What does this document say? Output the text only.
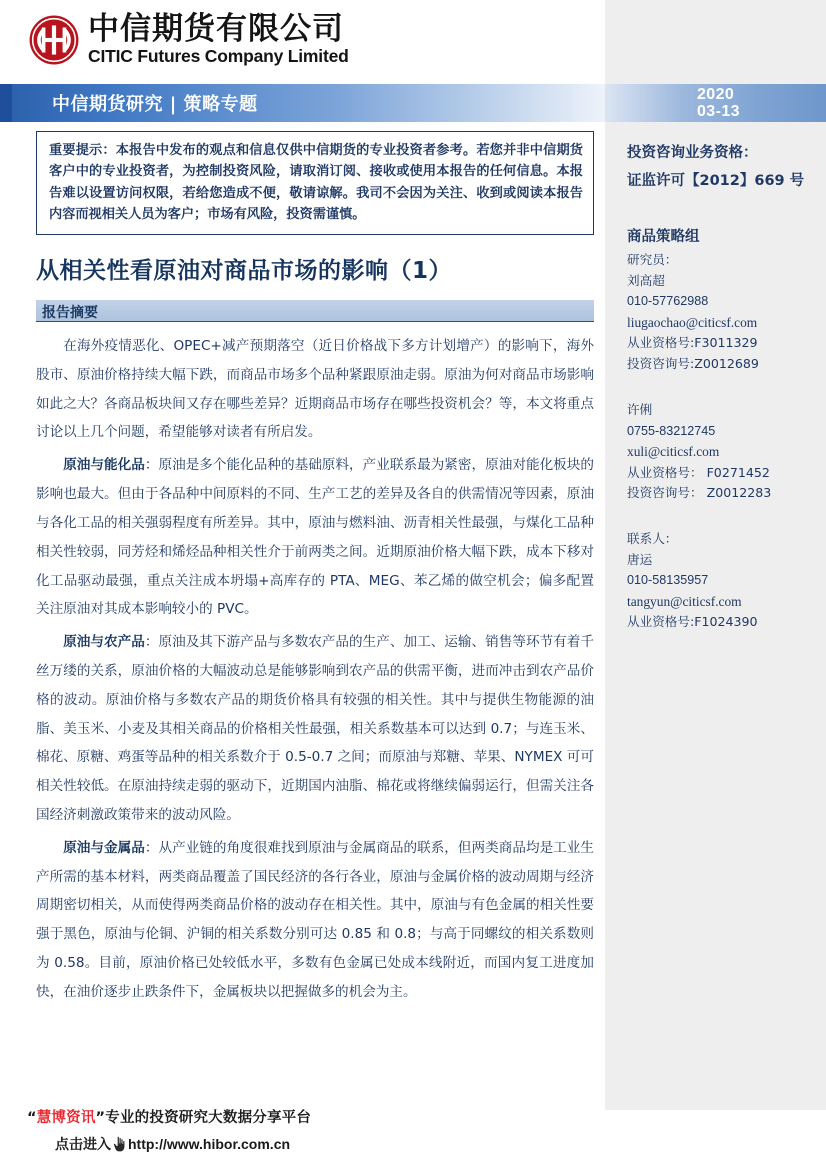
中信期货有限公司
CITIC Futures Company Limited
中信期货研究 | 策略专题	2020
03-13

重要提示：本报告中发布的观点和信息仅供中信期货的专业投资者参考。若您并非中信期货客户中的专业投资者，为控制投资风险，请取消订阅、接收或使用本报告的任何信息。本报告难以设置访问权限，若给您造成不便，敬请谅解。我司不会因为关注、收到或阅读本报告内容而视相关人员为客户；市场有风险，投资需谨慎。

从相关性看原油对商品市场的影响（1）
报告摘要

在海外疫情恶化、OPEC+减产预期落空（近日价格战下多方计划增产）的影响下，海外股市、原油价格持续大幅下跌，而商品市场多个品种紧跟原油走弱。原油为何对商品市场影响如此之大？各商品板块间又存在哪些差异？近期商品市场存在哪些投资机会？等，本文将重点讨论以上几个问题，希望能够对读者有所启发。

原油与能化品：原油是多个能化品种的基础原料，产业联系最为紧密，原油对能化板块的影响也最大。但由于各品种中间原料的不同、生产工艺的差异及各自的供需情况等因素，原油与各化工品的相关强弱程度有所差异。其中，原油与燃料油、沥青相关性最强，与煤化工品种相关性较弱，同芳烃和烯烃品种相关性介于前两类之间。近期原油价格大幅下跌，成本下移对化工品驱动最强，重点关注成本坍塌+高库存的 PTA、MEG、苯乙烯的做空机会；偏多配置关注原油对其成本影响较小的 PVC。

原油与农产品：原油及其下游产品与多数农产品的生产、加工、运输、销售等环节有着千丝万缕的关系，原油价格的大幅波动总是能够影响到农产品的供需平衡，进而冲击到农产品价格的波动。原油价格与多数农产品的期货价格具有较强的相关性。其中与提供生物能源的油脂、美玉米、小麦及其相关商品的价格相关性最强，相关系数基本可以达到 0.7；与连玉米、棉花、原糖、鸡蛋等品种的相关系数介于 0.5-0.7 之间；而原油与郑糖、苹果、NYMEX 可可相关性较低。在原油持续走弱的驱动下，近期国内油脂、棉花或将继续偏弱运行，但需关注各国经济刺激政策带来的波动风险。

原油与金属品：从产业链的角度很难找到原油与金属商品的联系，但两类商品均是工业生产所需的基本材料，两类商品覆盖了国民经济的各行各业，原油与金属价格的波动周期与经济周期密切相关，从而使得两类商品价格的波动存在相关性。其中，原油与有色金属的相关性要强于黑色，原油与伦铜、沪铜的相关系数分别可达 0.85 和 0.8；与高于同螺纹的相关系数则为 0.58。目前，原油价格已处较低水平，多数有色金属已处成本线附近，而国内复工进度加快，在油价逐步止跌条件下，金属板块以把握做多的机会为主。

投资咨询业务资格：
证监许可【2012】669 号
商品策略组
研究员：
刘高超
010-57762988
liugaochao@citicsf.com
从业资格号:F3011329
投资咨询号:Z0012689
许俐
0755-83212745
xuli@citicsf.com
从业资格号： F0271452
投资咨询号： Z0012283
联系人：
唐运
010-58135957
tangyun@citicsf.com
从业资格号:F1024390
“慧博资讯”专业的投资研究大数据分享平台
点击进入 http://www.hibor.com.cn
